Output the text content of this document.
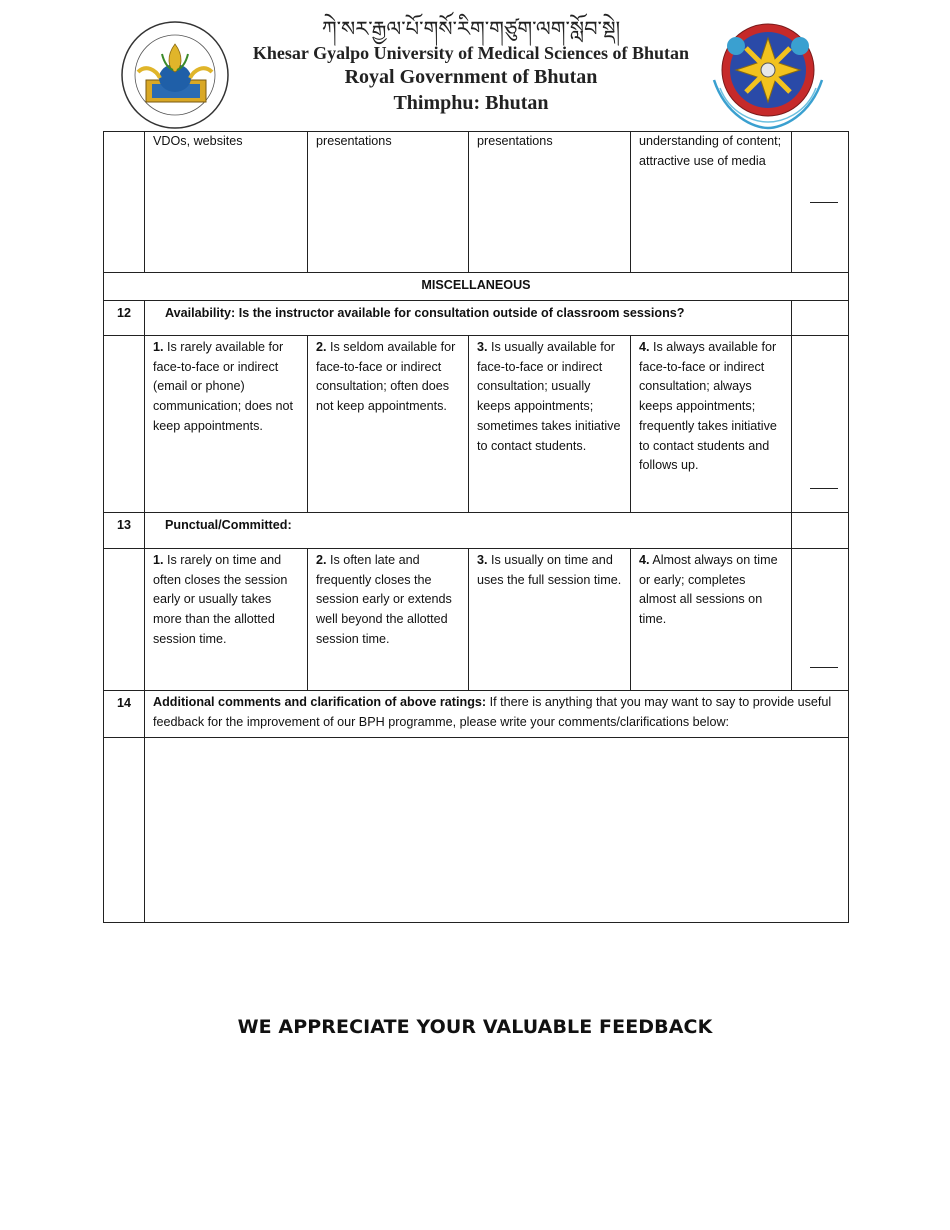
ཀེ་སར་རྒྱལ་པོ་གསོ་རིག་གཙུག་ལག་སློབ་སྡེ།
Khesar Gyalpo University of Medical Sciences of Bhutan
Royal Government of Bhutan
Thimphu: Bhutan
	VDOs, websites	presentations	presentations	understanding of content; attractive use of media	

MISCELLANEOUS					
12	Availability: Is the instructor available for consultation outside of classroom sessions?				
	1. Is rarely available for face-to-face or indirect (email or phone) communication; does not keep appointments.	2. Is seldom available for face-to-face or indirect consultation; often does not keep appointments.	3. Is usually available for face-to-face or indirect consultation; usually keeps appointments; sometimes takes initiative to contact students.	4. Is always available for face-to-face or indirect consultation; always keeps appointments; frequently takes initiative to contact students and follows up.	

13	Punctual/Committed:				
	1. Is rarely on time and often closes the session early or usually takes more than the allotted session time.	2. Is often late and frequently closes the session early or extends well beyond the allotted session time.	3. Is usually on time and uses the full session time.	4. Almost always on time or early; completes almost all sessions on time.	

14	Additional comments and clarification of above ratings: If there is anything that you may want to say to provide useful feedback for the improvement of our BPH programme, please write your comments/clarifications below:				

WE APPRECIATE YOUR VALUABLE FEEDBACK
